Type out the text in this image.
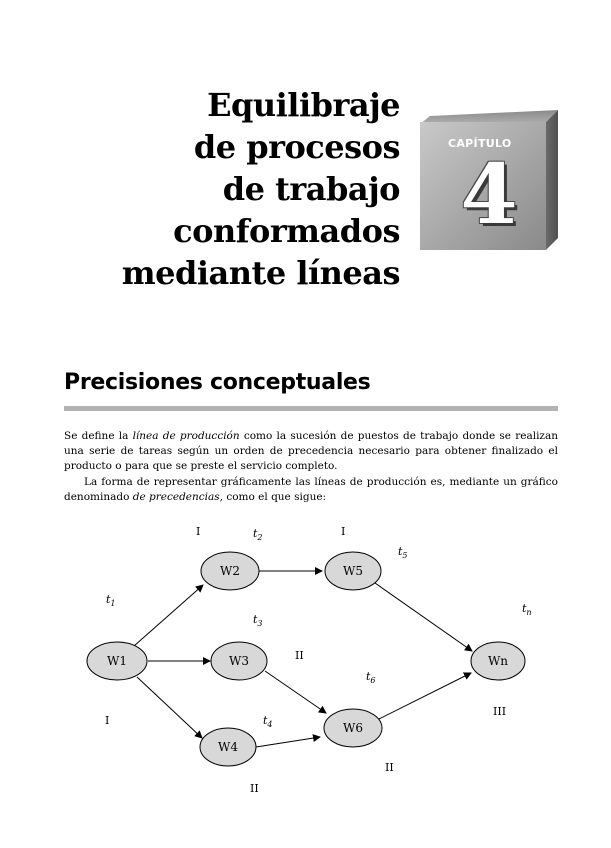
Equilibraje
de procesos
de trabajo
conformados
mediante líneas
CAPÍTULO
4
Precisiones conceptuales

Se define la línea de producción como la sucesión de puestos de trabajo donde se realizan una serie de tareas según un orden de precedencia necesario para obtener finalizado el producto o para que se preste el servicio completo.

La forma de representar gráficamente las líneas de producción es, mediante un gráfico denominado de precedencias, como el que sigue:

W1
W2
W3
W4
W5
W6
Wn
$t_1$
$t_2$
$t_3$
$t_4$
$t_5$
$t_6$
$t_n$
I
I
II
II
I
II
III
